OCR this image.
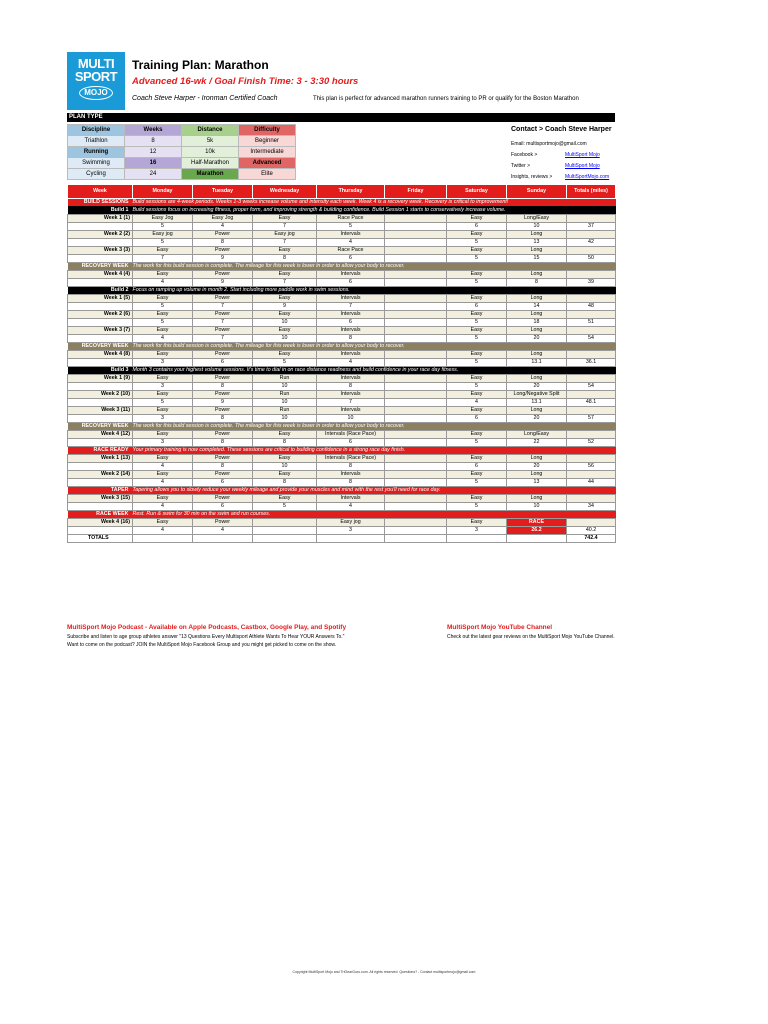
MULTI
SPORT
MOJO
Training Plan: Marathon
Advanced 16-wk / Goal Finish Time: 3 - 3:30 hours
Coach Steve Harper - Ironman Certified Coach	This plan is perfect for advanced marathon runners training to PR or qualify for the Boston Marathon
PLAN TYPE
Discipline	Weeks	Distance	Difficulty
Triathlon	8	5k	Beginner
Running	12	10k	Intermediate
Swimming	16	Half-Marathon	Advanced
Cycling	24	Marathon	Elite
Contact > Coach Steve Harper
Email: multisportmojo@gmail.com
Facebook >	MultiSport Mojo
Twitter >	MultiSport Mojo
Insights, reviews >	MultiSportMojo.com
Week	Monday	Tuesday	Wednesday	Thursday	Friday	Saturday	Sunday	Totals (miles)
BUILD SESSIONS Build sessions are 4-week periods. Weeks 1-3 weeks increase volume and intensity each week. Week 4 is a recovery week. Recovery is critical to improvement!								
Build 1 Build sessions focus on increasing fitness, proper form, and improving strength & building confidence. Build Session 1 starts to conservatively increase volume.								
Week 1 (1)	Easy Jog	Easy Jog	Easy	Race Pace		Easy	Long/Easy	
	5	4	7	5		6	10	37
Week 2 (2)	Easy jog	Power	Easy jog	Intervals		Easy	Long	
	5	8	7	4		5	13	42
Week 3 (3)	Easy	Power	Easy	Race Pace		Easy	Long	
	7	9	8	6		5	15	50
RECOVERY WEEK The work for this build session is complete. The mileage for this week is lower in order to allow your body to recover.								
Week 4 (4)	Easy	Power	Easy	Intervals		Easy	Long	
	4	9	7	6		5	8	39
Build 2 Focus on ramping up volume in month 2. Start including more paddle work in swim sessions.								
Week 1 (5)	Easy	Power	Easy	Intervals		Easy	Long	
	5	7	9	7		6	14	48
Week 2 (6)	Easy	Power	Easy	Intervals		Easy	Long	
	5	7	10	6		5	18	51
Week 3 (7)	Easy	Power	Easy	Intervals		Easy	Long	
	4	7	10	8		5	20	54
RECOVERY WEEK The work for this build session is complete. The mileage for this week is lower in order to allow your body to recover.								
Week 4 (8)	Easy	Power	Easy	Intervals		Easy	Long	
	3	6	5	4		5	13.1	36.1
Build 3 Month 3 contains your highest volume sessions. It's time to dial in on race distance readiness and build confidence in your race day fitness.								
Week 1 (9)	Easy	Power	Run	Intervals		Easy	Long	
	3	8	10	8		5	20	54
Week 2 (10)	Easy	Power	Run	Intervals		Easy	Long/Negative Split	
	5	9	10	7		4	13.1	48.1
Week 3 (11)	Easy	Power	Run	Intervals		Easy	Long	
	3	8	10	10		6	20	57
RECOVERY WEEK The work for this build session is complete. The mileage for this week is lower in order to allow your body to recover.								
Week 4 (12)	Easy	Power	Easy	Intervals (Race Pace)		Easy	Long/Easy	
	3	8	8	6		5	22	52
RACE READY Your primary training is now completed. These sessions are critical to building confidence in a strong race day finish.								
Week 1 (13)	Easy	Power	Easy	Intervals (Race Pace)		Easy	Long	
	4	8	10	8		6	20	56
Week 2 (14)	Easy	Power	Easy	Intervals		Easy	Long	
	4	6	8	8		5	13	44
TAPER Tapering allows you to slowly reduce your weekly mileage and provide your muscles and mind with the rest you'll need for race day.								
Week 3 (15)	Easy	Power	Easy	Intervals		Easy	Long	
	4	6	5	4		5	10	34
RACE WEEK Rest. Run & swim for 30 min on the swim and run courses.								
Week 4 (16)	Easy	Power		Easy jog		Easy	RACE	
	4	4		3		3	26.2	40.2
TOTALS								742.4
MultiSport Mojo Podcast - Available on Apple Podcasts, Castbox, Google Play, and Spotify
Subscribe and listen to age group athletes answer "13 Questions Every Multisport Athlete Wants To Hear YOUR Answers To."
Want to come on the podcast? JOIN the MultiSport Mojo Facebook Group and you might get picked to come on the show.
MultiSport Mojo YouTube Channel
Check out the latest gear reviews on the MultiSport Mojo YouTube Channel.
Copyright MultiSport Mojo and TriGearGuru.com. All rights reserved. Questions? - Contact multisportmojo@gmail.com
